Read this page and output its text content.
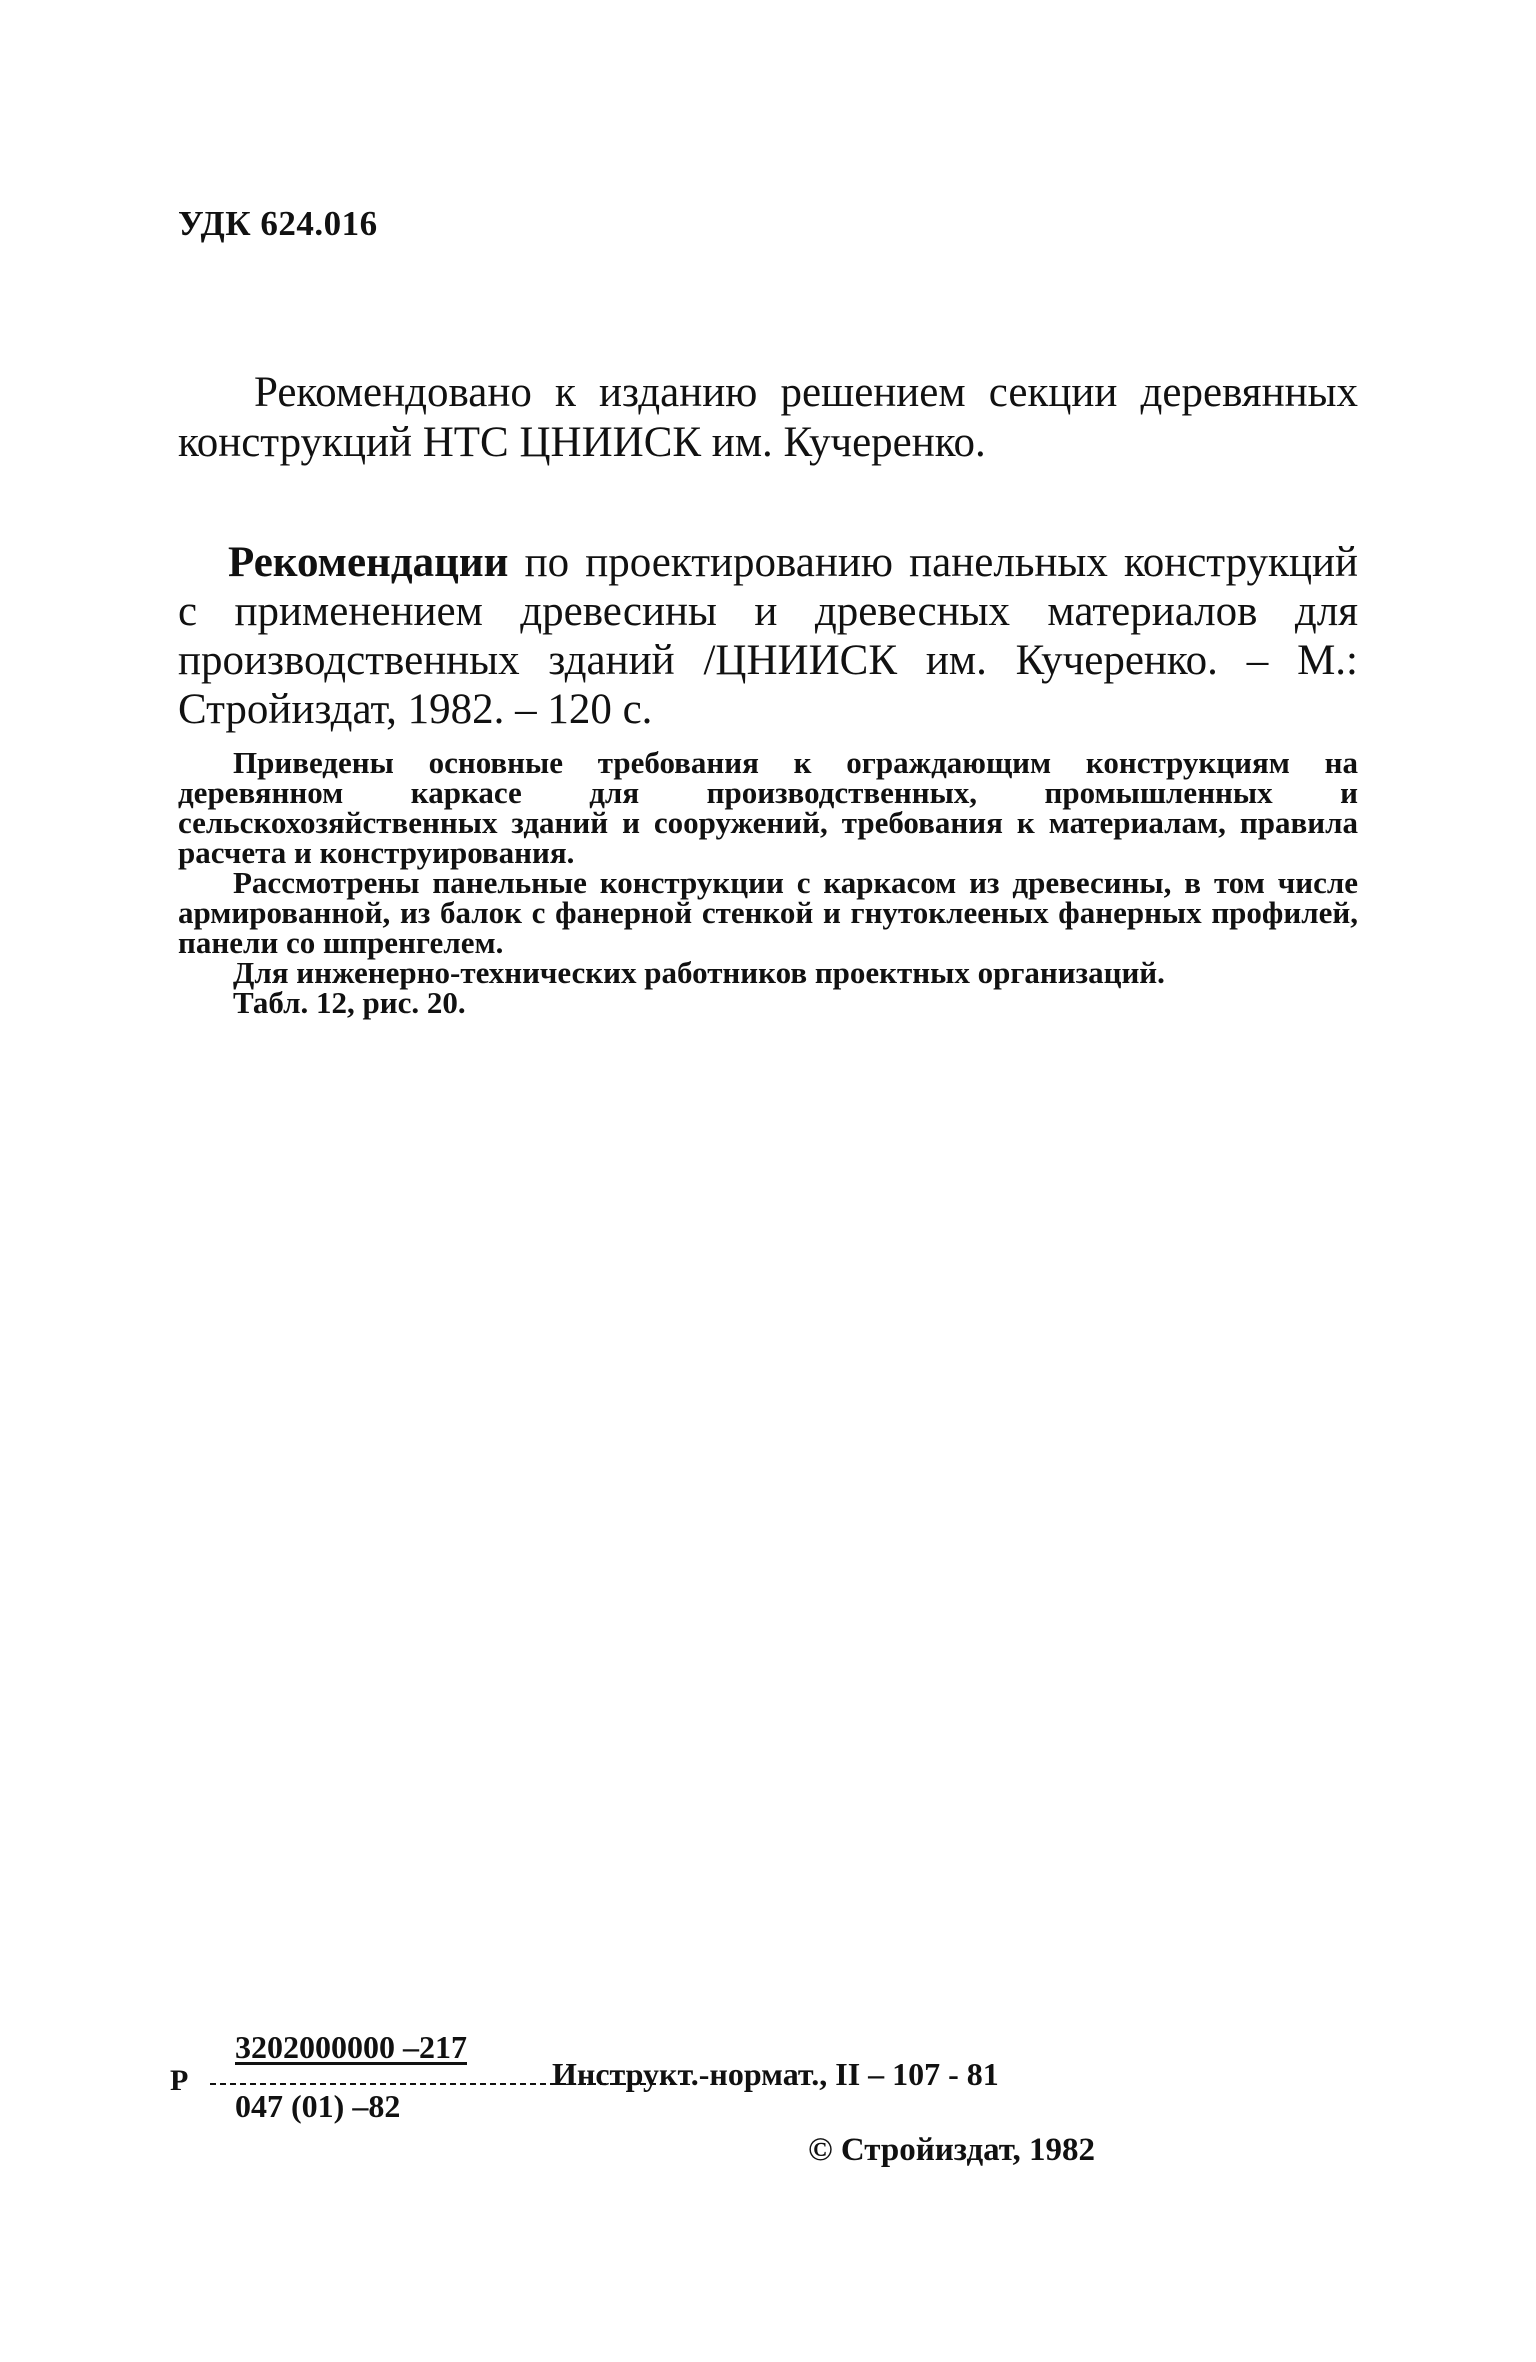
УДК 624.016
Рекомендовано к изданию решением секции деревянных конструкций НТС ЦНИИСК им. Кучеренко.

Рекомендации по проектированию панельных конструкций с применением древесины и древесных материалов для производственных зданий /ЦНИИСК им. Кучеренко. – М.: Стройиздат, 1982. – 120 с.

Приведены основные требования к ограждающим конструкциям на деревянном каркасе для производственных, промышленных и сельскохозяйственных зданий и сооружений, требования к материалам, правила расчета и конструирования.

Рассмотрены панельные конструкции с каркасом из древесины, в том числе армированной, из балок с фанерной стенкой и гнутоклееных фанерных профилей, панели со шпренгелем.

Для инженерно-технических работников проектных организаций.

Табл. 12, рис. 20.

Р
3202000000 –217
047 (01) –82
Инструкт.-нормат., II – 107 - 81
© Стройиздат, 1982
